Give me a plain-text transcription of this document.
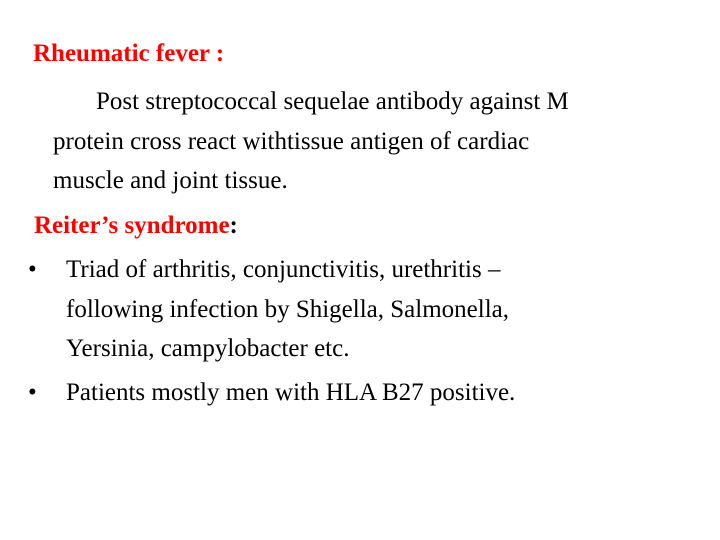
Rheumatic fever :
Post streptococcal sequelae antibody against M
protein cross react withtissue antigen of cardiac
muscle and joint tissue.
Reiter’s syndrome:
• Triad of arthritis, conjunctivitis, urethritis –
following infection by Shigella, Salmonella,
Yersinia, campylobacter etc.
• Patients mostly men with HLA B27 positive.
